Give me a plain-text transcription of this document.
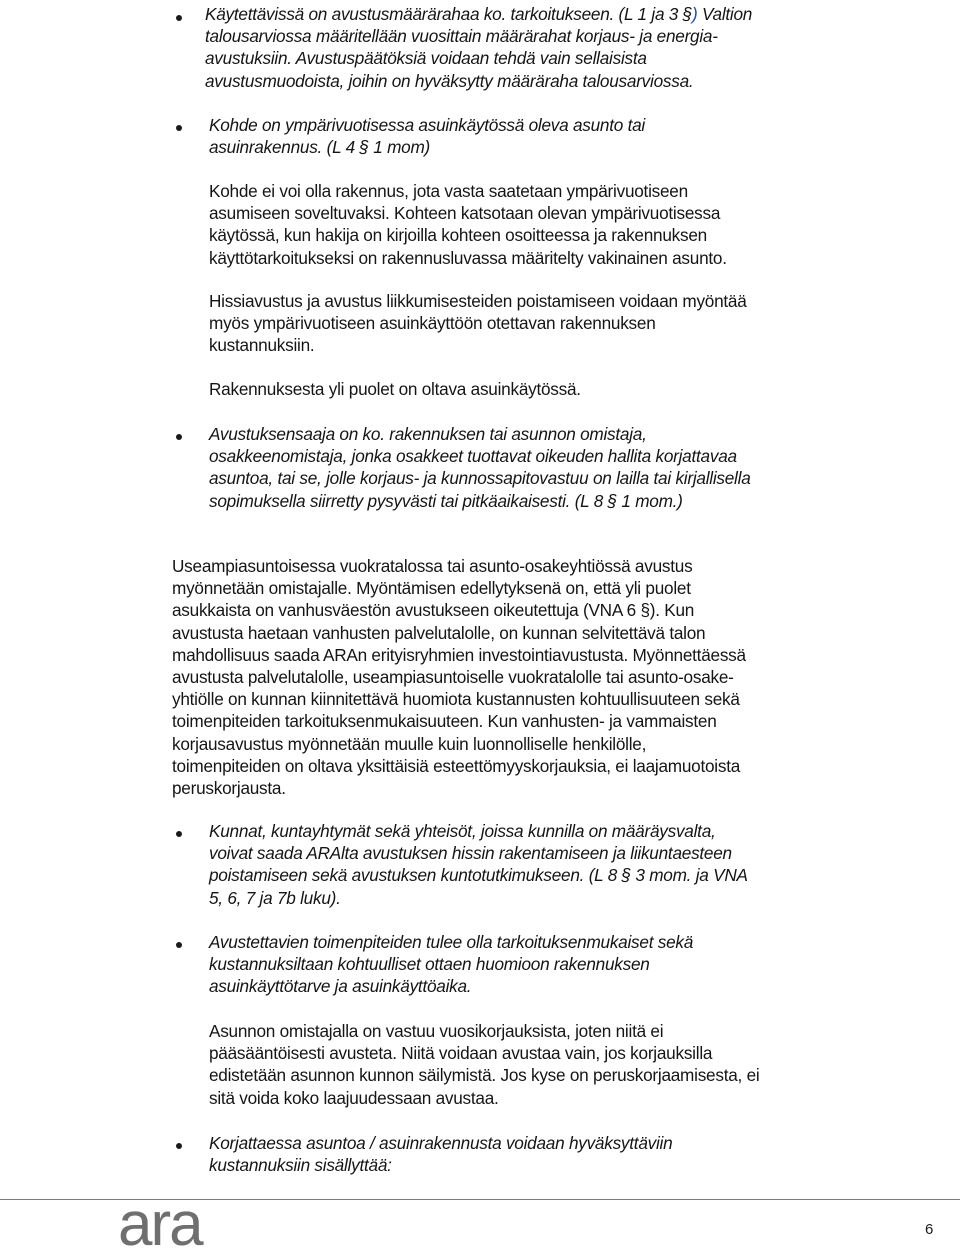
Käytettävissä on avustusmäärärahaa ko. tarkoitukseen. (L 1 ja 3 §) Valtion
talousarviossa määritellään vuosittain määrärahat korjaus- ja energia-
avustuksiin. Avustuspäätöksiä voidaan tehdä vain sellaisista
avustusmuodoista, joihin on hyväksytty määräraha talousarviossa.
Kohde on ympärivuotisessa asuinkäytössä oleva asunto tai
asuinrakennus. (L 4 § 1 mom)
Kohde ei voi olla rakennus, jota vasta saatetaan ympärivuotiseen
asumiseen soveltuvaksi. Kohteen katsotaan olevan ympärivuotisessa
käytössä, kun hakija on kirjoilla kohteen osoitteessa ja rakennuksen
käyttötarkoitukseksi on rakennusluvassa määritelty vakinainen asunto.
Hissiavustus ja avustus liikkumisesteiden poistamiseen voidaan myöntää
myös ympärivuotiseen asuinkäyttöön otettavan rakennuksen
kustannuksiin.
Rakennuksesta yli puolet on oltava asuinkäytössä.
Avustuksensaaja on ko. rakennuksen tai asunnon omistaja,
osakkeenomistaja, jonka osakkeet tuottavat oikeuden hallita korjattavaa
asuntoa, tai se, jolle korjaus- ja kunnossapitovastuu on lailla tai kirjallisella
sopimuksella siirretty pysyvästi tai pitkäaikaisesti. (L 8 § 1 mom.)
Useampiasuntoisessa vuokratalossa tai asunto-osakeyhtiössä avustus
myönnetään omistajalle. Myöntämisen edellytyksenä on, että yli puolet
asukkaista on vanhusväestön avustukseen oikeutettuja (VNA 6 §). Kun
avustusta haetaan vanhusten palvelutalolle, on kunnan selvitettävä talon
mahdollisuus saada ARAn erityisryhmien investointiavustusta. Myönnettäessä
avustusta palvelutalolle, useampiasuntoiselle vuokratalolle tai asunto-osake-
yhtiölle on kunnan kiinnitettävä huomiota kustannusten kohtuullisuuteen sekä
toimenpiteiden tarkoituksenmukaisuuteen. Kun vanhusten- ja vammaisten
korjausavustus myönnetään muulle kuin luonnolliselle henkilölle,
toimenpiteiden on oltava yksittäisiä esteettömyyskorjauksia, ei laajamuotoista
peruskorjausta.
Kunnat, kuntayhtymät sekä yhteisöt, joissa kunnilla on määräysvalta,
voivat saada ARAlta avustuksen hissin rakentamiseen ja liikuntaesteen
poistamiseen sekä avustuksen kuntotutkimukseen. (L 8 § 3 mom. ja VNA
5, 6, 7 ja 7b luku).
Avustettavien toimenpiteiden tulee olla tarkoituksenmukaiset sekä
kustannuksiltaan kohtuulliset ottaen huomioon rakennuksen
asuinkäyttötarve ja asuinkäyttöaika.
Asunnon omistajalla on vastuu vuosikorjauksista, joten niitä ei
pääsääntöisesti avusteta. Niitä voidaan avustaa vain, jos korjauksilla
edistetään asunnon kunnon säilymistä. Jos kyse on peruskorjaamisesta, ei
sitä voida koko laajuudessaan avustaa.
Korjattaessa asuntoa / asuinrakennusta voidaan hyväksyttäviin
kustannuksiin sisällyttää:
ara	6
